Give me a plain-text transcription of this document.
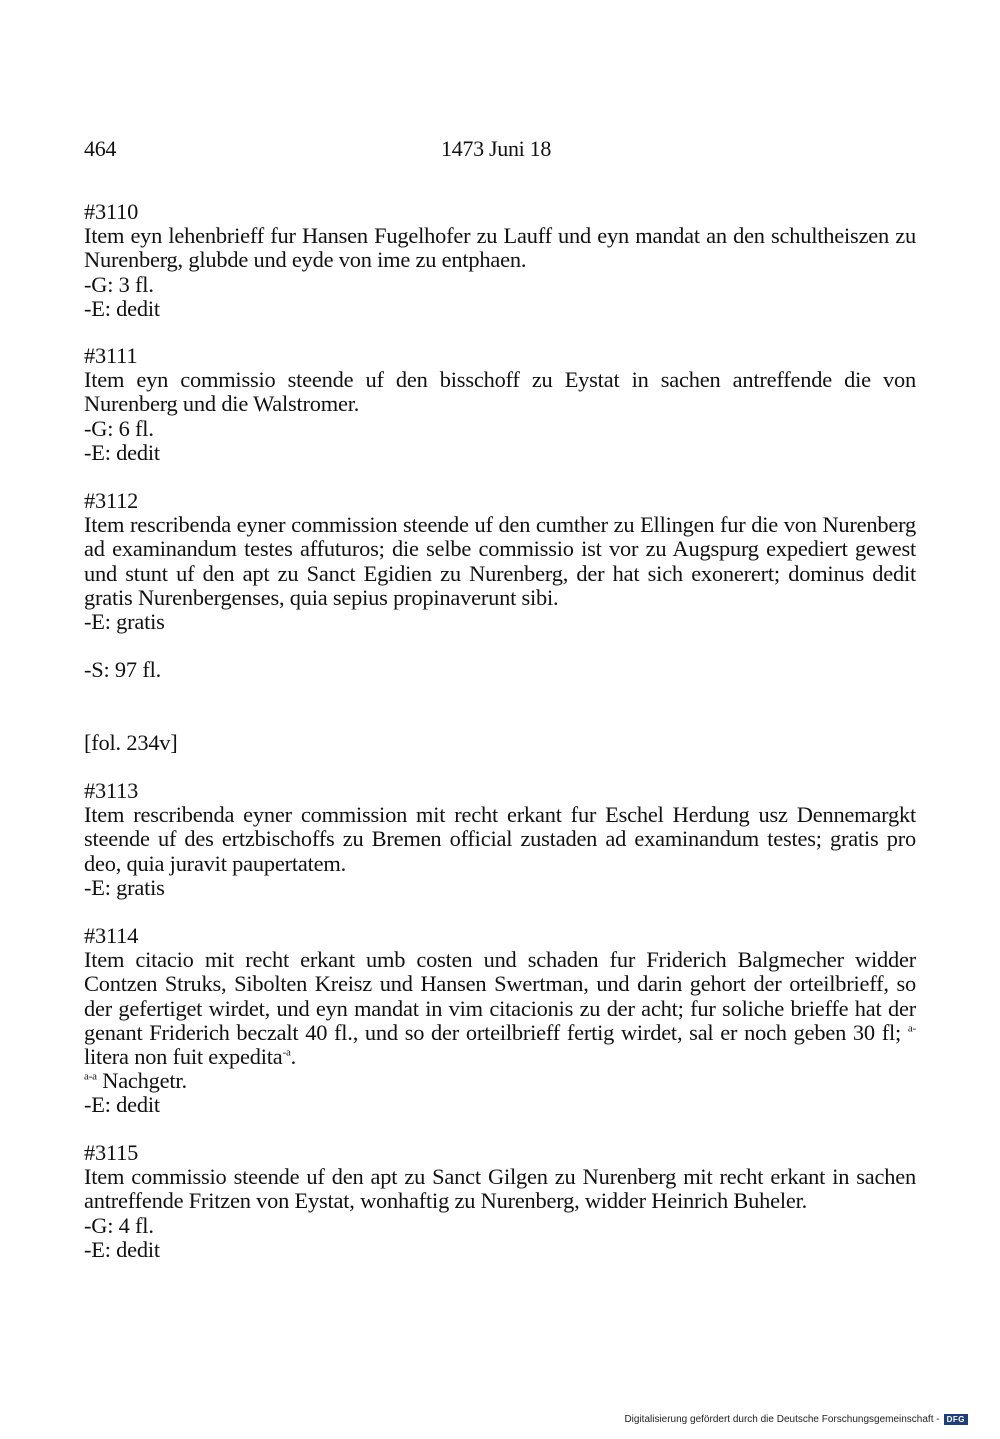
464	1473 Juni 18

#3110

Item eyn lehenbrieff fur Hansen Fugelhofer zu Lauff und eyn mandat an den schultheiszen zu Nurenberg, glubde und eyde von ime zu entphaen.

-G: 3 fl.

-E: dedit

#3111

Item eyn commissio steende uf den bisschoff zu Eystat in sachen antreffende die von Nurenberg und die Walstromer.

-G: 6 fl.

-E: dedit

#3112

Item rescribenda eyner commission steende uf den cumther zu Ellingen fur die von Nurenberg ad examinandum testes affuturos; die selbe commissio ist vor zu Augspurg expediert gewest und stunt uf den apt zu Sanct Egidien zu Nurenberg, der hat sich exonerert; dominus dedit gratis Nurenbergenses, quia sepius propinaverunt sibi.

-E: gratis

-S: 97 fl.

[fol. 234v]

#3113

Item rescribenda eyner commission mit recht erkant fur Eschel Herdung usz Dennemargkt steende uf des ertzbischoffs zu Bremen official zustaden ad examinandum testes; gratis pro deo, quia juravit paupertatem.

-E: gratis

#3114

Item citacio mit recht erkant umb costen und schaden fur Friderich Balgmecher widder Contzen Struks, Sibolten Kreisz und Hansen Swertman, und darin gehort der orteilbrieff, so der gefertiget wirdet, und eyn mandat in vim citacionis zu der acht; fur soliche brieffe hat der genant Friderich beczalt 40 fl., und so der orteilbrieff fertig wirdet, sal er noch geben 30 fl; $^{a-}$litera non fuit expedita$^{-a}$.

$^{a-a}$ Nachgetr.

-E: dedit

#3115

Item commissio steende uf den apt zu Sanct Gilgen zu Nurenberg mit recht erkant in sachen antreffende Fritzen von Eystat, wonhaftig zu Nurenberg, widder Heinrich Buheler.

-G: 4 fl.

-E: dedit

Digitalisierung gefördert durch die Deutsche Forschungsgemeinschaft - DFG
